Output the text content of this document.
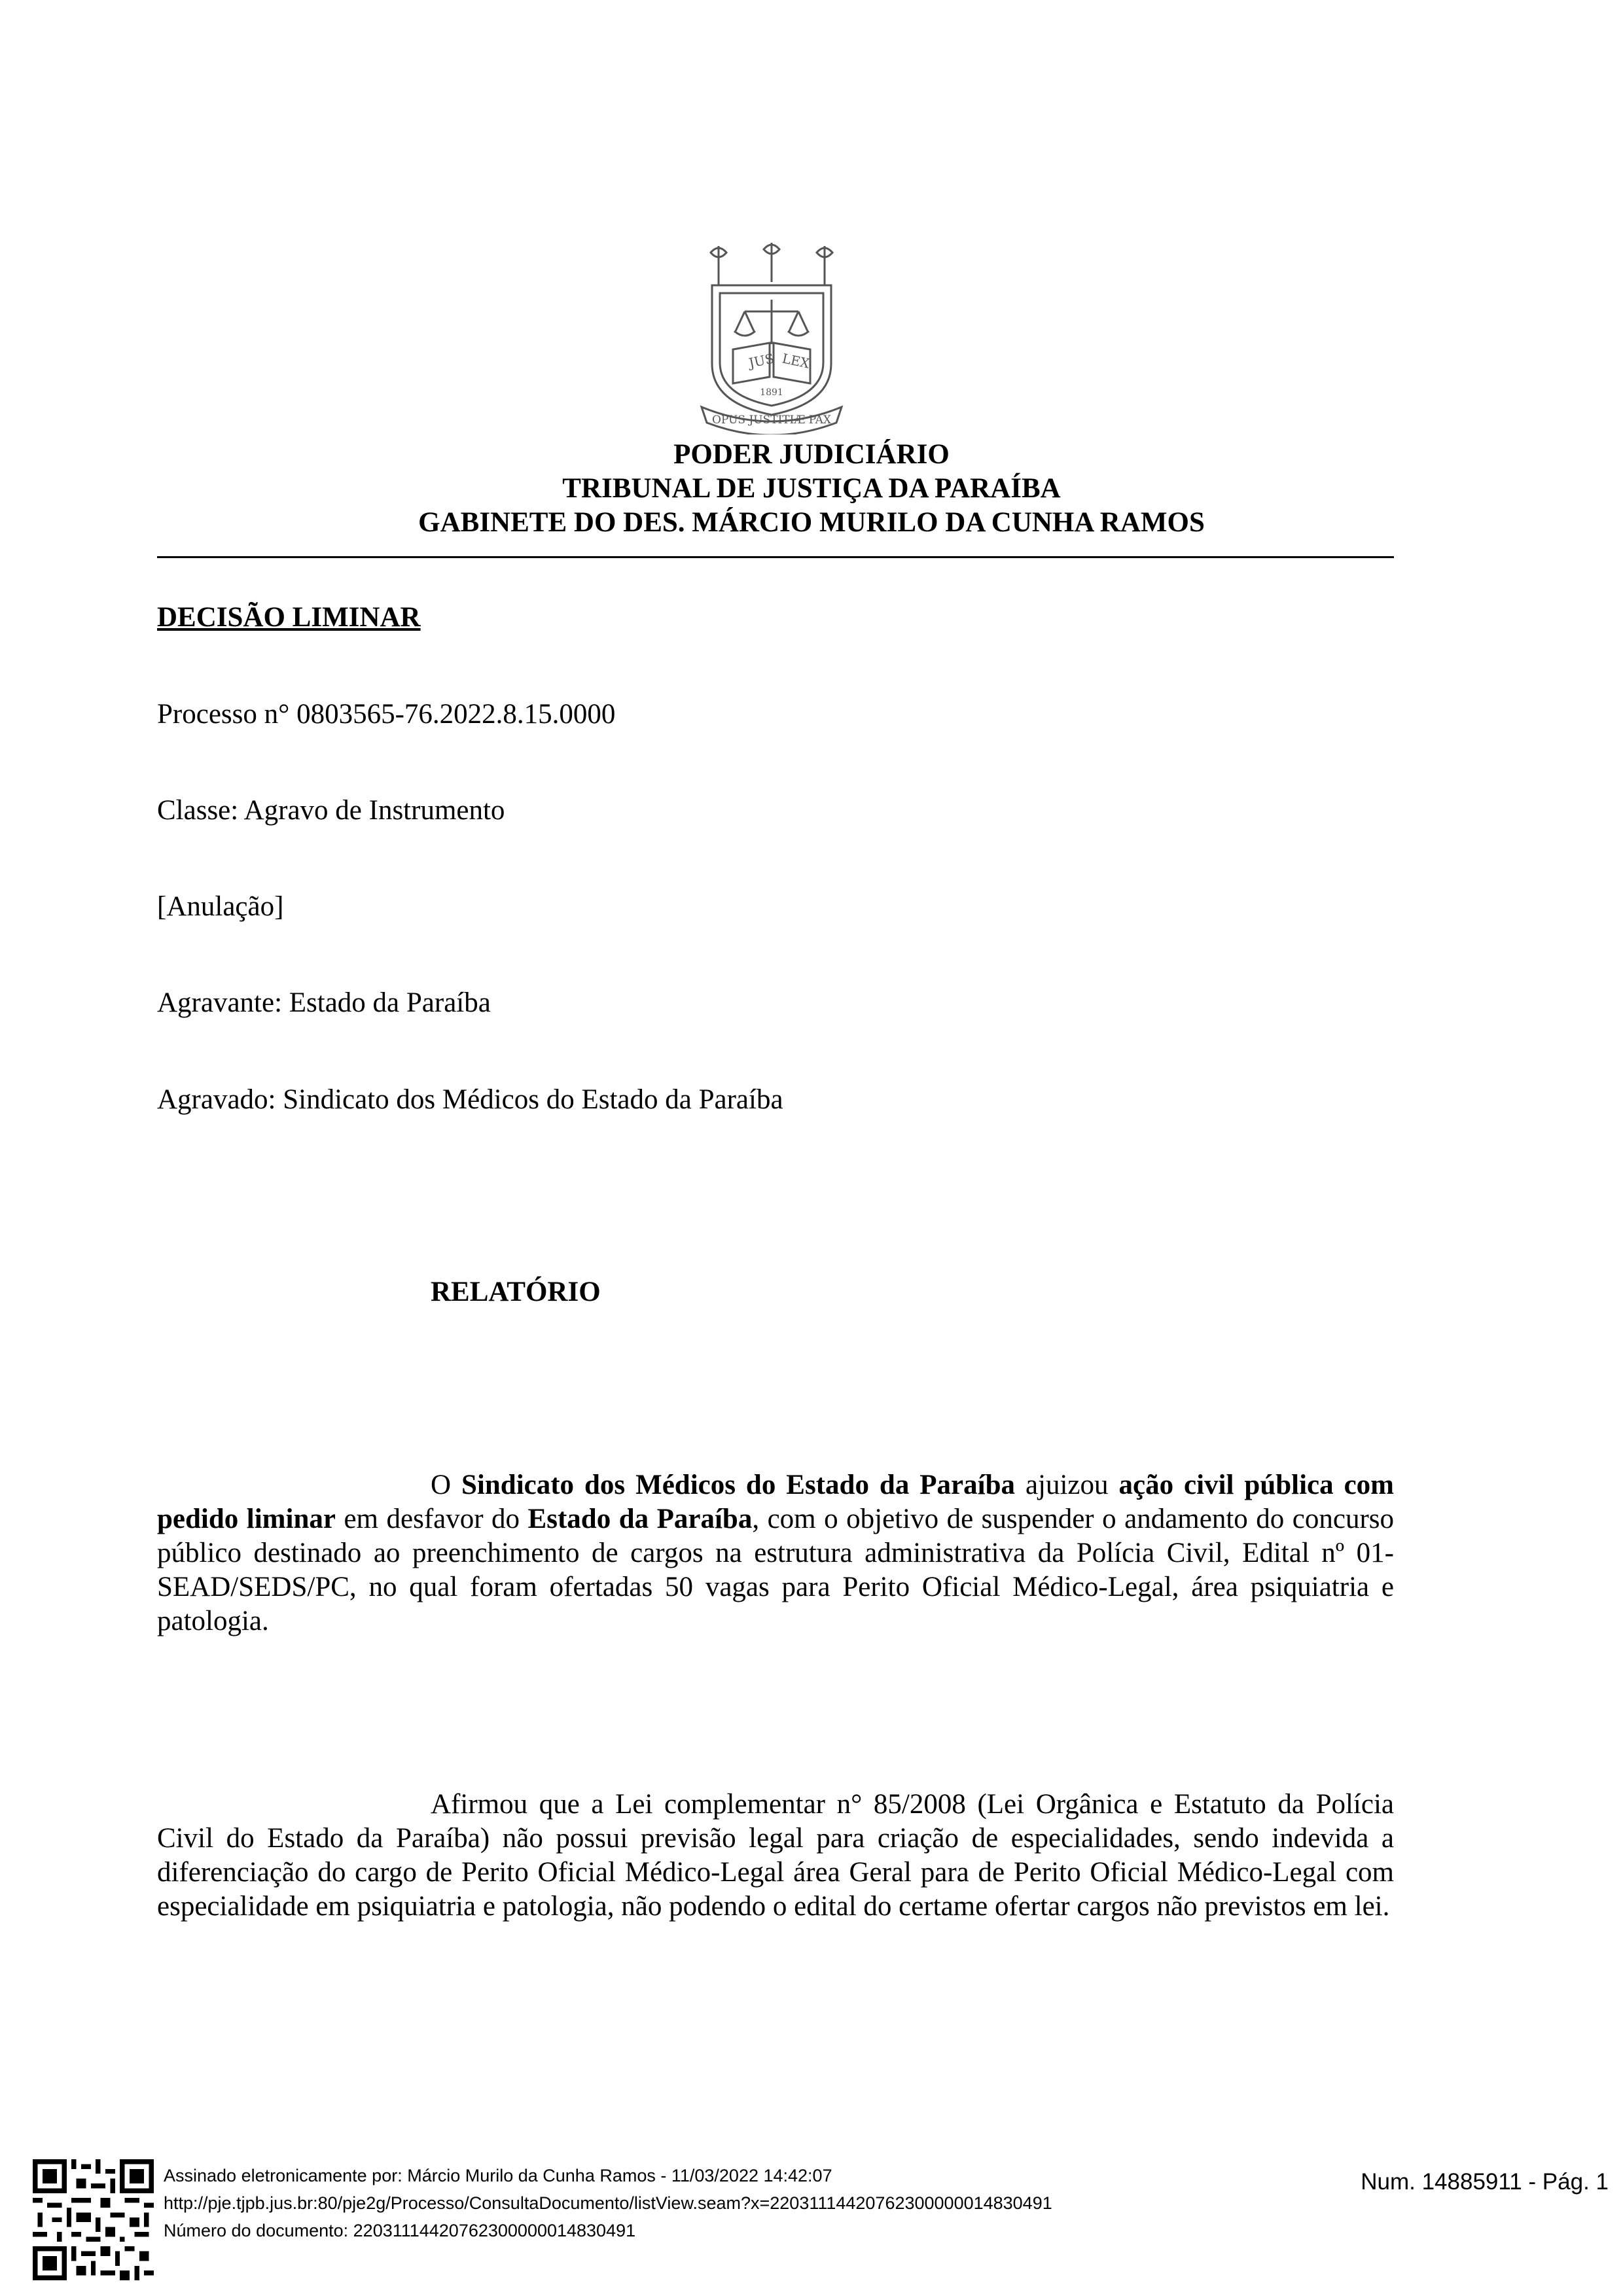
JUS LEX
1891
OPUS JUSTITIÆ PAX
PODER JUDICIÁRIO
TRIBUNAL DE JUSTIÇA DA PARAÍBA
GABINETE DO DES. MÁRCIO MURILO DA CUNHA RAMOS
DECISÃO LIMINAR
Processo n° 0803565-76.2022.8.15.0000
Classe: Agravo de Instrumento
[Anulação]
Agravante: Estado da Paraíba
Agravado: Sindicato dos Médicos do Estado da Paraíba
RELATÓRIO
O Sindicato dos Médicos do Estado da Paraíba ajuizou ação civil pública com pedido liminar em desfavor do Estado da Paraíba, com o objetivo de suspender o andamento do concurso público destinado ao preenchimento de cargos na estrutura administrativa da Polícia Civil, Edital nº 01-SEAD/SEDS/PC, no qual foram ofertadas 50 vagas para Perito Oficial Médico-Legal, área psiquiatria e patologia.
Afirmou que a Lei complementar n° 85/2008 (Lei Orgânica e Estatuto da Polícia Civil do Estado da Paraíba) não possui previsão legal para criação de especialidades, sendo indevida a diferenciação do cargo de Perito Oficial Médico-Legal área Geral para de Perito Oficial Médico-Legal com especialidade em psiquiatria e patologia, não podendo o edital do certame ofertar cargos não previstos em lei.
Assinado eletronicamente por: Márcio Murilo da Cunha Ramos - 11/03/2022 14:42:07
http://pje.tjpb.jus.br:80/pje2g/Processo/ConsultaDocumento/listView.seam?x=22031114420762300000014830491
Número do documento: 22031114420762300000014830491
Num. 14885911 - Pág. 1
